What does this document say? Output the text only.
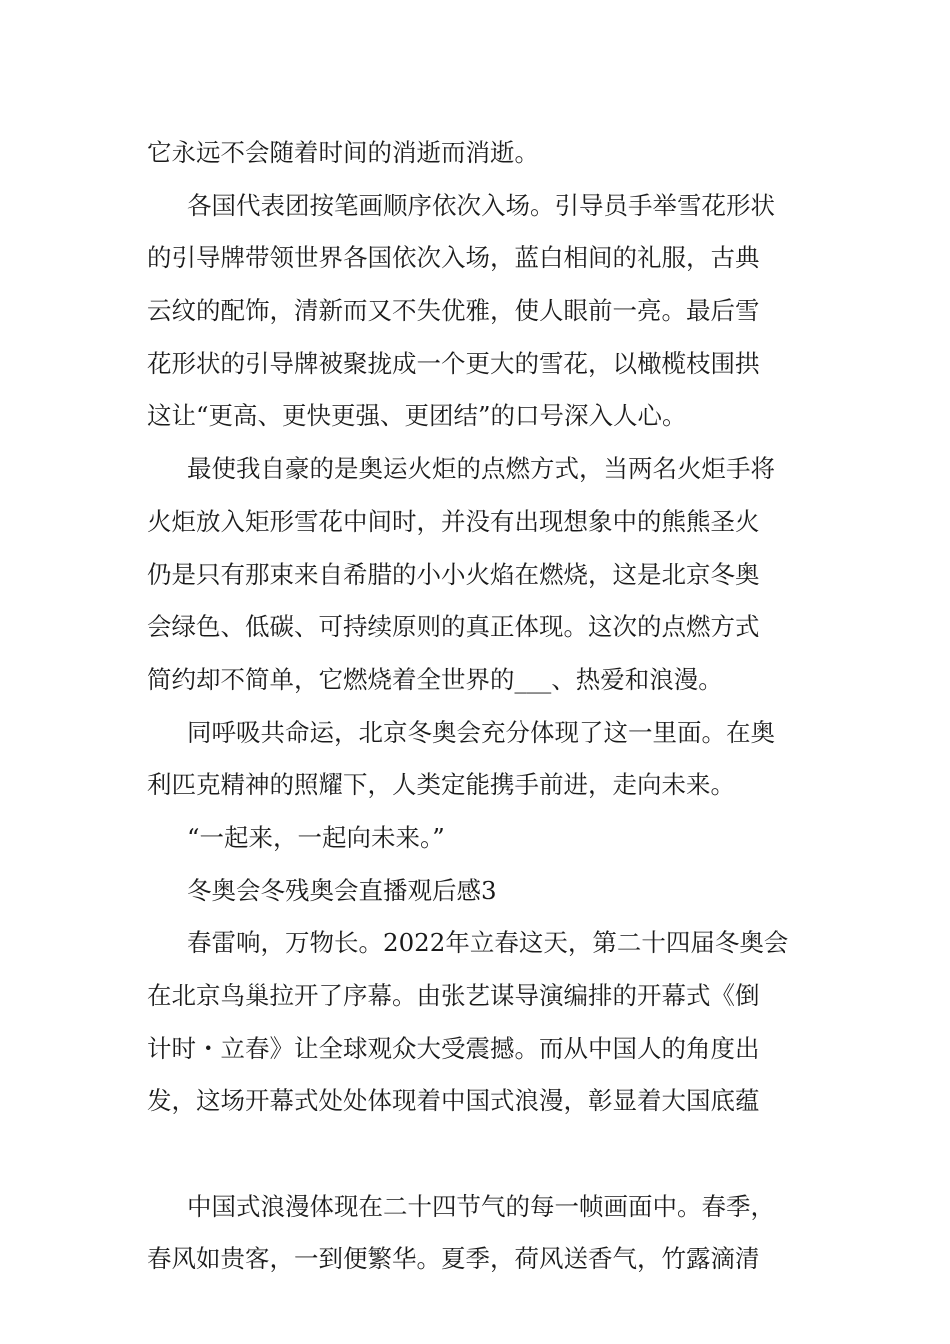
它永远不会随着时间的消逝而消逝。
各国代表团按笔画顺序依次入场。引导员手举雪花形状
的引导牌带领世界各国依次入场，蓝白相间的礼服，古典
云纹的配饰，清新而又不失优雅，使人眼前一亮。最后雪
花形状的引导牌被聚拢成一个更大的雪花，以橄榄枝围拱
这让“更高、更快更强、更团结”的口号深入人心。
最使我自豪的是奥运火炬的点燃方式，当两名火炬手将
火炬放入矩形雪花中间时，并没有出现想象中的熊熊圣火
仍是只有那束来自希腊的小小火焰在燃烧，这是北京冬奥
会绿色、低碳、可持续原则的真正体现。这次的点燃方式
简约却不简单，它燃烧着全世界的___、热爱和浪漫。
同呼吸共命运，北京冬奥会充分体现了这一里面。在奥
利匹克精神的照耀下，人类定能携手前进，走向未来。
“一起来，一起向未来。”
冬奥会冬残奥会直播观后感3
春雷响，万物长。2022年立春这天，第二十四届冬奥会
在北京鸟巢拉开了序幕。由张艺谋导演编排的开幕式《倒
计时・立春》让全球观众大受震撼。而从中国人的角度出
发，这场开幕式处处体现着中国式浪漫，彰显着大国底蕴
中国式浪漫体现在二十四节气的每一帧画面中。春季，
春风如贵客，一到便繁华。夏季，荷风送香气，竹露滴清
